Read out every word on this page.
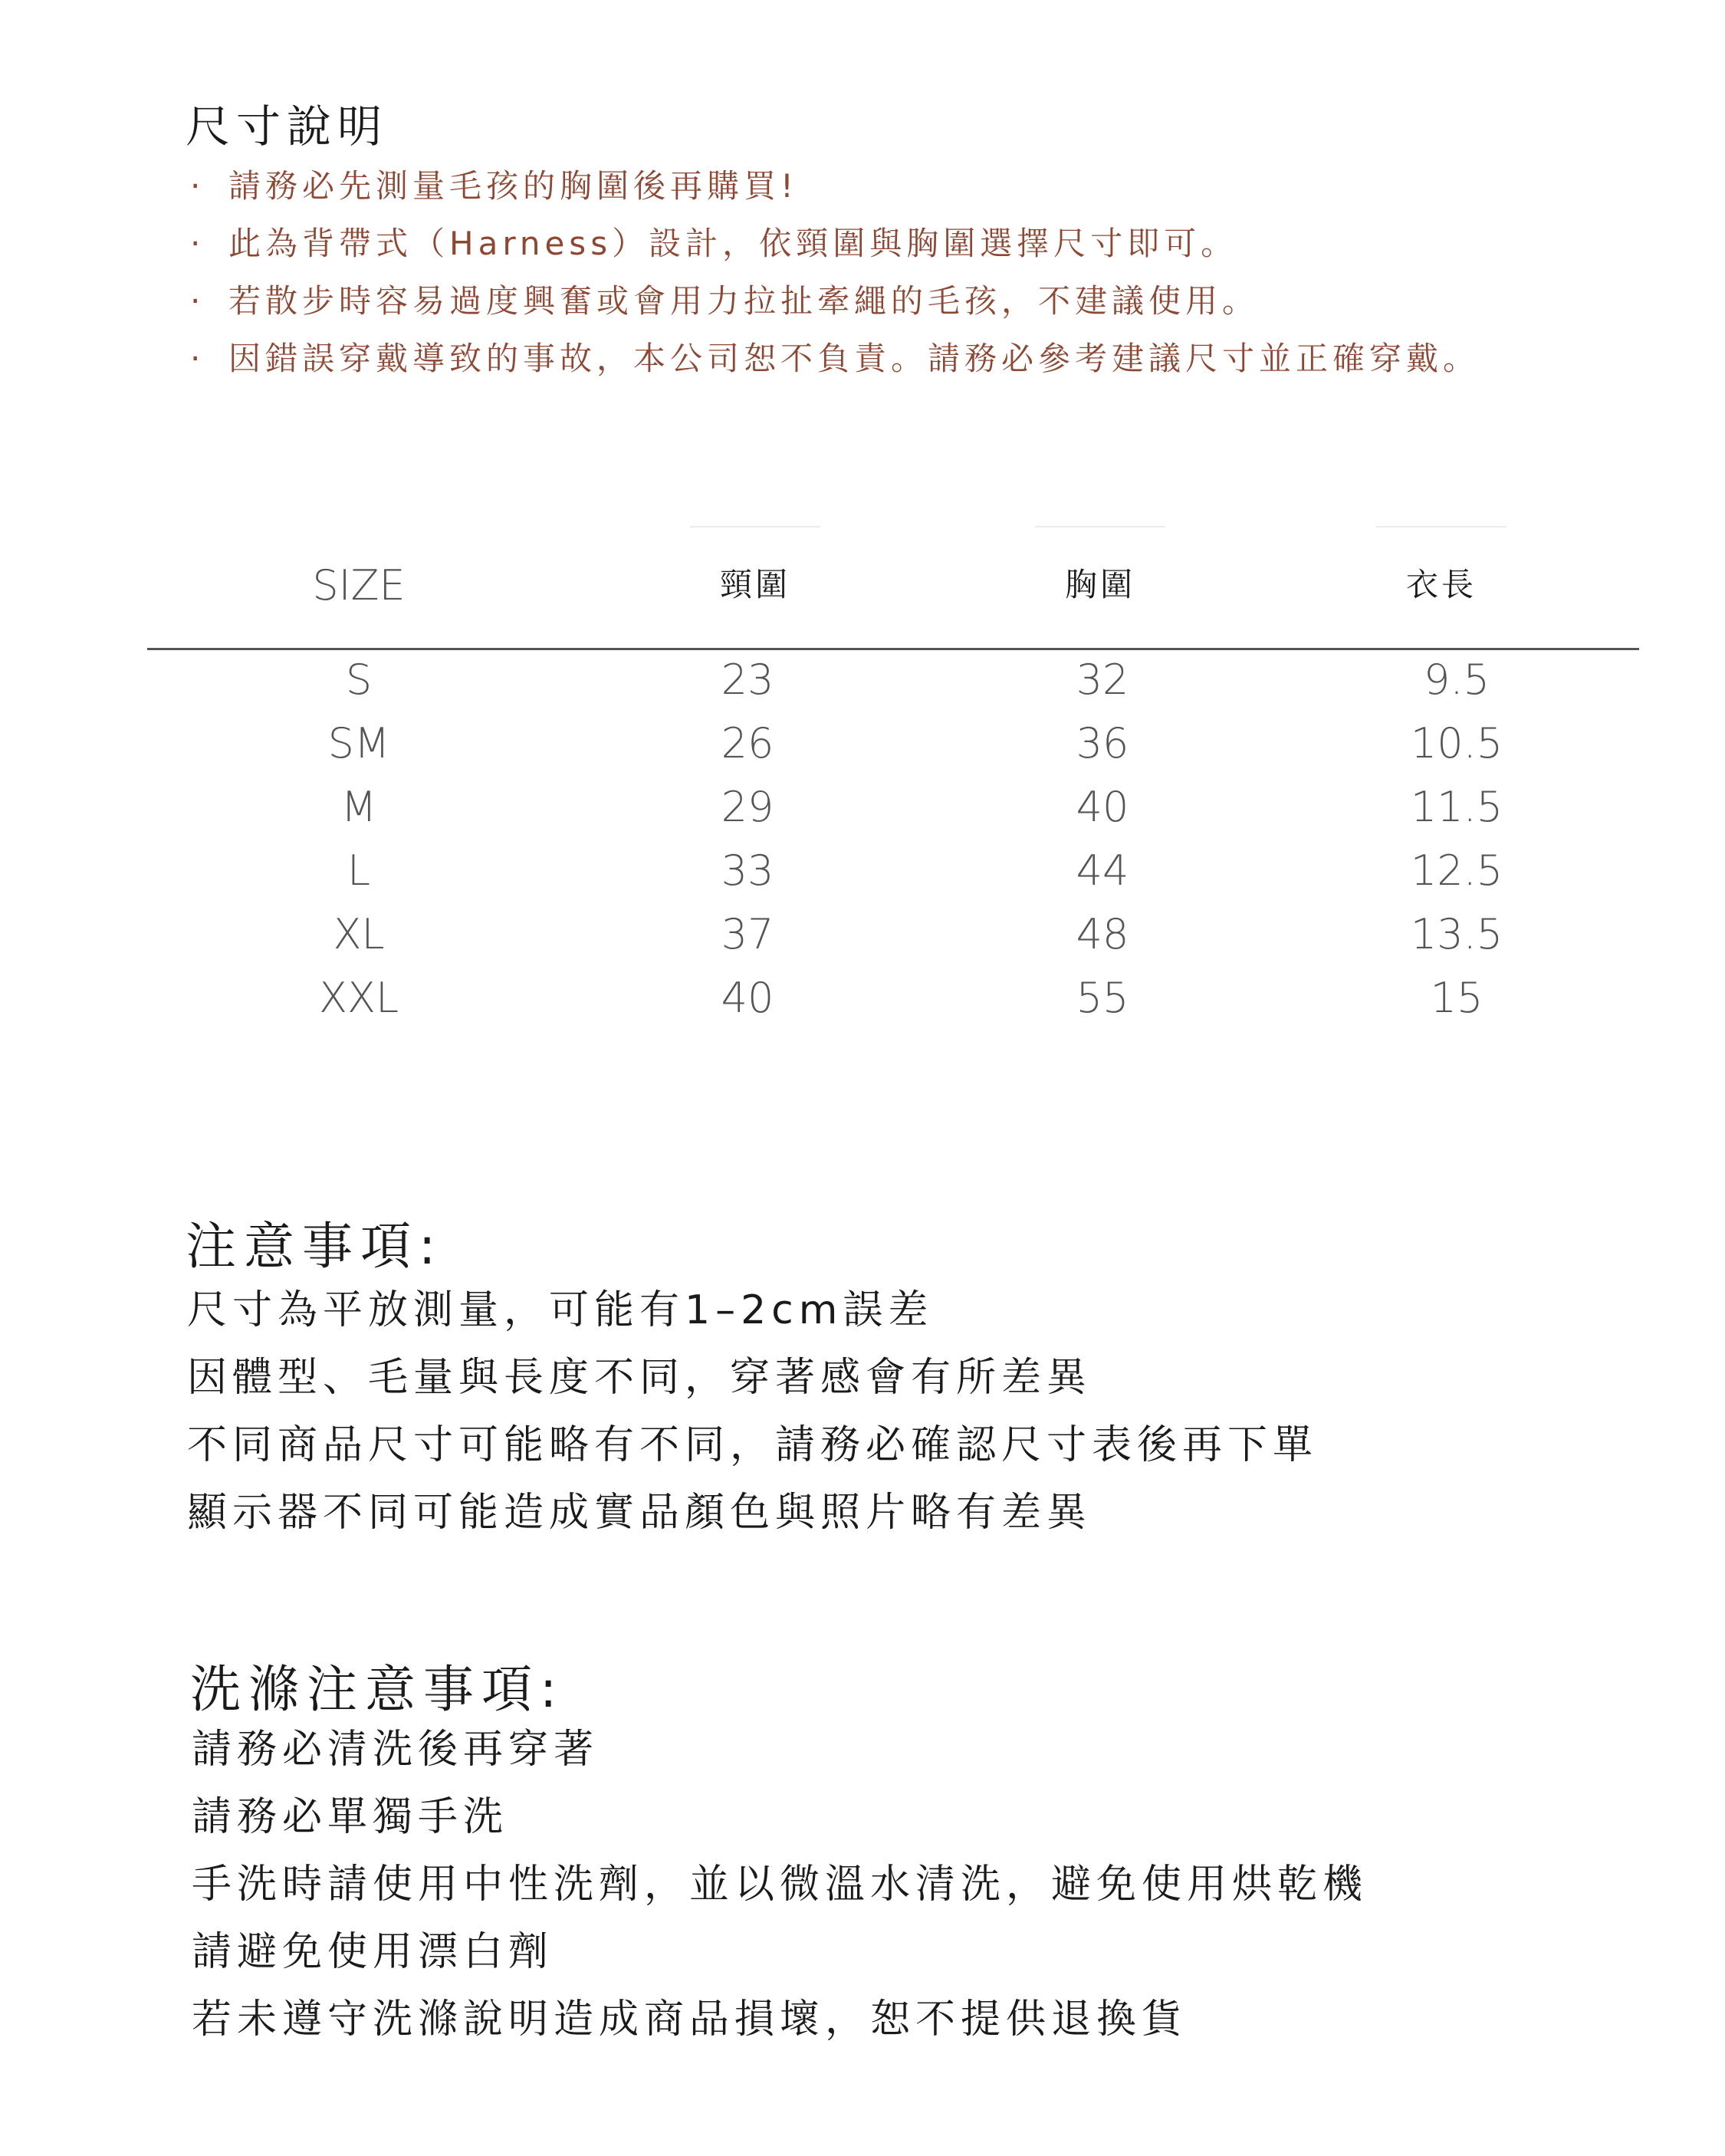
尺寸說明
· 請務必先測量毛孩的胸圍後再購買!
· 此為背帶式（Harness）設計，依頸圍與胸圍選擇尺寸即可。
· 若散步時容易過度興奮或會用力拉扯牽繩的毛孩，不建議使用。
· 因錯誤穿戴導致的事故，本公司恕不負責。請務必參考建議尺寸並正確穿戴。
SIZE	頸圍	胸圍	衣長
S	23	32	9.5
SM	26	36	10.5
M	29	40	11.5
L	33	44	12.5
XL	37	48	13.5
XXL	40	55	15
注意事項:
尺寸為平放測量，可能有1–2cm誤差
因體型、毛量與長度不同，穿著感會有所差異
不同商品尺寸可能略有不同，請務必確認尺寸表後再下單
顯示器不同可能造成實品顏色與照片略有差異
洗滌注意事項:
請務必清洗後再穿著
請務必單獨手洗
手洗時請使用中性洗劑，並以微溫水清洗，避免使用烘乾機
請避免使用漂白劑
若未遵守洗滌說明造成商品損壞，恕不提供退換貨
